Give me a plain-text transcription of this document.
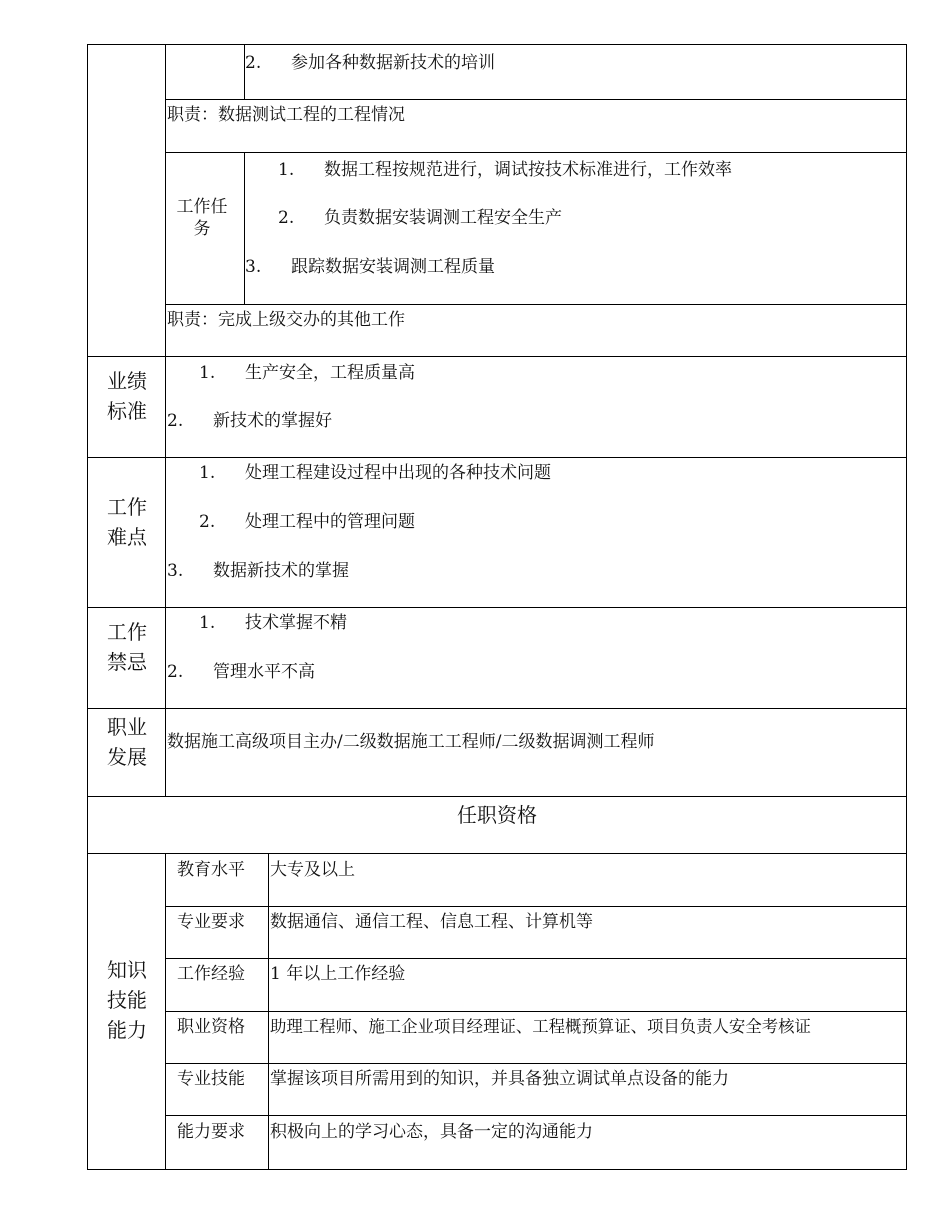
2. 参加各种数据新技术的培训
职责：数据测试工程的工程情况
工作任务
1. 数据工程按规范进行，调试按技术标准进行，工作效率
2. 负责数据安装调测工程安全生产
3. 跟踪数据安装调测工程质量
职责：完成上级交办的其他工作
业绩标准
1. 生产安全，工程质量高
2. 新技术的掌握好
工作难点
1. 处理工程建设过程中出现的各种技术问题
2. 处理工程中的管理问题
3. 数据新技术的掌握
工作禁忌
1. 技术掌握不精
2. 管理水平不高
职业发展
数据施工高级项目主办/二级数据施工工程师/二级数据调测工程师
任职资格
知识技能能力
教育水平 大专及以上
专业要求 数据通信、通信工程、信息工程、计算机等
工作经验 1 年以上工作经验
职业资格 助理工程师、施工企业项目经理证、工程概预算证、项目负责人安全考核证
专业技能 掌握该项目所需用到的知识，并具备独立调试单点设备的能力
能力要求 积极向上的学习心态，具备一定的沟通能力
